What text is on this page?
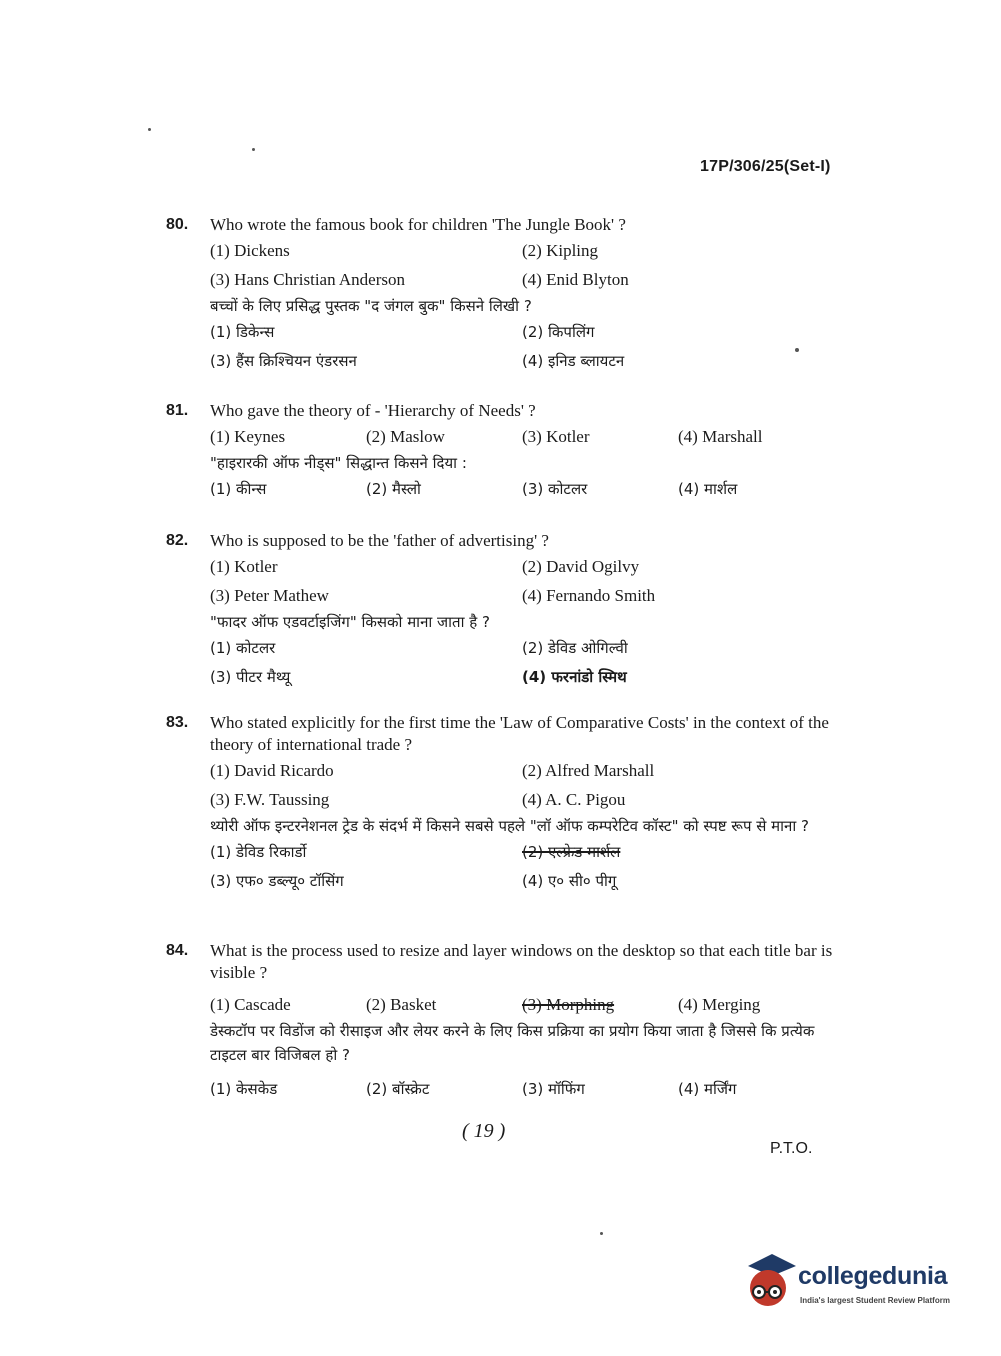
17P/306/25(Set-I)
80.	Who wrote the famous book for children 'The Jungle Book' ?
(1) Dickens	(2) Kipling
(3) Hans Christian Anderson	(4) Enid Blyton
बच्चों के लिए प्रसिद्ध पुस्तक "द जंगल बुक" किसने लिखी ?
(1) डिकेन्स	(2) किपलिंग
(3) हैंस क्रिश्चियन एंडरसन	(4) इनिड ब्लायटन
81.	Who gave the theory of - 'Hierarchy of Needs' ?
(1) Keynes	(2) Maslow	(3) Kotler	(4) Marshall
"हाइरारकी ऑफ नीड्स" सिद्धान्त किसने दिया :
(1) कीन्स	(2) मैस्लो	(3) कोटलर	(4) मार्शल
82.	Who is supposed to be the 'father of advertising' ?
(1) Kotler	(2) David Ogilvy
(3) Peter Mathew	(4) Fernando Smith
"फादर ऑफ एडवर्टाइजिंग" किसको माना जाता है ?
(1) कोटलर	(2) डेविड ओगिल्वी
(3) पीटर मैथ्यू	(4) फरनांडो स्मिथ
83.	Who stated explicitly for the first time the 'Law of Comparative Costs' in the context of the theory of international trade ?
(1) David Ricardo	(2) Alfred Marshall
(3) F.W. Taussing	(4) A. C. Pigou
थ्योरी ऑफ इन्टरनेशनल ट्रेड के संदर्भ में किसने सबसे पहले "लॉ ऑफ कम्परेटिव कॉस्ट" को स्पष्ट रूप से माना ?
(1) डेविड रिकार्डो	(2) एल्फ्रेड मार्शल
(3) एफ० डब्ल्यू० टॉसिंग	(4) ए० सी० पीगू
84.	What is the process used to resize and layer windows on the desktop so that each title bar is visible ?
(1) Cascade	(2) Basket	(3) Morphing	(4) Merging
डेस्कटॉप पर विडोंज को रीसाइज और लेयर करने के लिए किस प्रक्रिया का प्रयोग किया जाता है जिससे कि प्रत्येक टाइटल बार विजिबल हो ?
(1) केसकेड	(2) बॉस्क्रेट	(3) मॉफिंग	(4) मर्जिंग
( 19 )
P.T.O.
collegedunia
India's largest Student Review Platform
